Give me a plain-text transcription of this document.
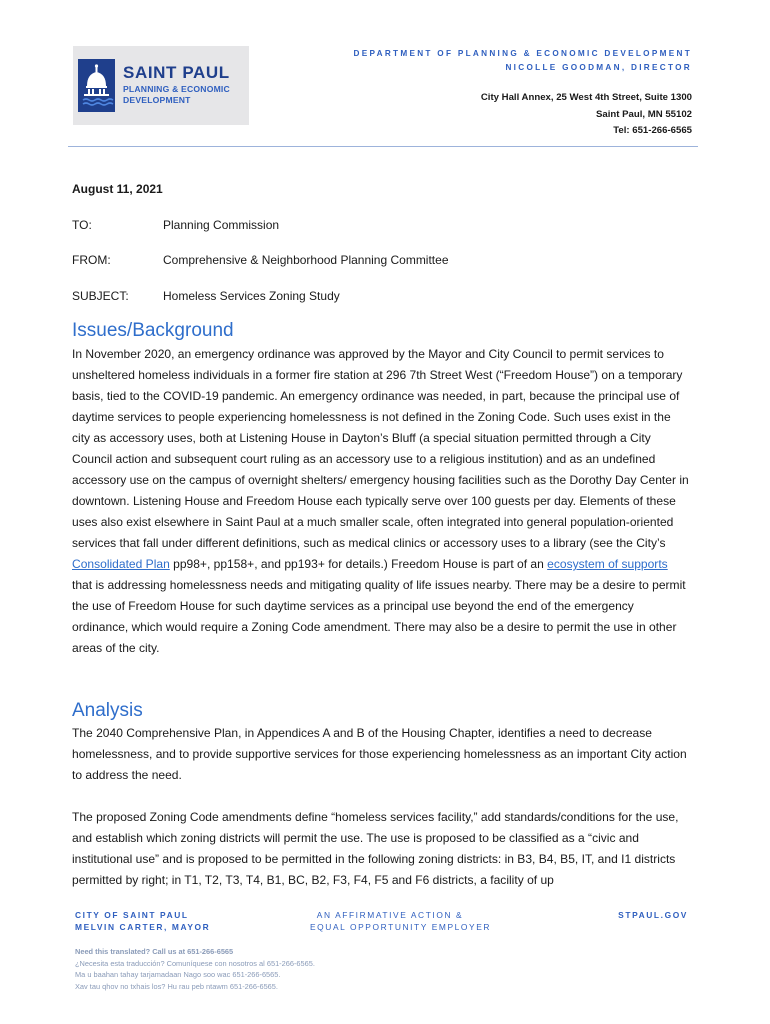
SAINT PAUL
PLANNING & ECONOMIC
DEVELOPMENT
DEPARTMENT OF PLANNING & ECONOMIC DEVELOPMENT
NICOLLE GOODMAN, DIRECTOR
City Hall Annex, 25 West 4th Street, Suite 1300
Saint Paul, MN 55102
Tel: 651-266-6565
August 11, 2021
TO:	Planning Commission
FROM:	Comprehensive & Neighborhood Planning Committee
SUBJECT:	Homeless Services Zoning Study
Issues/Background

In November 2020, an emergency ordinance was approved by the Mayor and City Council to permit services to unsheltered homeless individuals in a former fire station at 296 7th Street West (“Freedom House”) on a temporary basis, tied to the COVID-19 pandemic. An emergency ordinance was needed, in part, because the principal use of daytime services to people experiencing homelessness is not defined in the Zoning Code. Such uses exist in the city as accessory uses, both at Listening House in Dayton’s Bluff (a special situation permitted through a City Council action and subsequent court ruling as an accessory use to a religious institution) and as an undefined accessory use on the campus of overnight shelters/ emergency housing facilities such as the Dorothy Day Center in downtown. Listening House and Freedom House each typically serve over 100 guests per day. Elements of these uses also exist elsewhere in Saint Paul at a much smaller scale, often integrated into general population-oriented services that fall under different definitions, such as medical clinics or accessory uses to a library (see the City’s Consolidated Plan pp98+, pp158+, and pp193+ for details.) Freedom House is part of an ecosystem of supports that is addressing homelessness needs and mitigating quality of life issues nearby. There may be a desire to permit the use of Freedom House for such daytime services as a principal use beyond the end of the emergency ordinance, which would require a Zoning Code amendment. There may also be a desire to permit the use in other areas of the city.

Analysis

The 2040 Comprehensive Plan, in Appendices A and B of the Housing Chapter, identifies a need to decrease homelessness, and to provide supportive services for those experiencing homelessness as an important City action to address the need.

The proposed Zoning Code amendments define “homeless services facility,” add standards/conditions for the use, and establish which zoning districts will permit the use. The use is proposed to be classified as a “civic and institutional use” and is proposed to be permitted in the following zoning districts: in B3, B4, B5, IT, and I1 districts permitted by right; in T1, T2, T3, T4, B1, BC, B2, F3, F4, F5 and F6 districts, a facility of up

CITY OF SAINT PAUL
MELVIN CARTER, MAYOR
AN AFFIRMATIVE ACTION &
EQUAL OPPORTUNITY EMPLOYER
STPAUL.GOV
Need this translated? Call us at 651-266-6565
¿Necesita esta traducción? Comuníquese con nosotros al 651-266-6565.
Ma u baahan tahay tarjamadaan Nago soo wac 651-266-6565.
Xav tau qhov no txhais los? Hu rau peb ntawm 651-266-6565.
